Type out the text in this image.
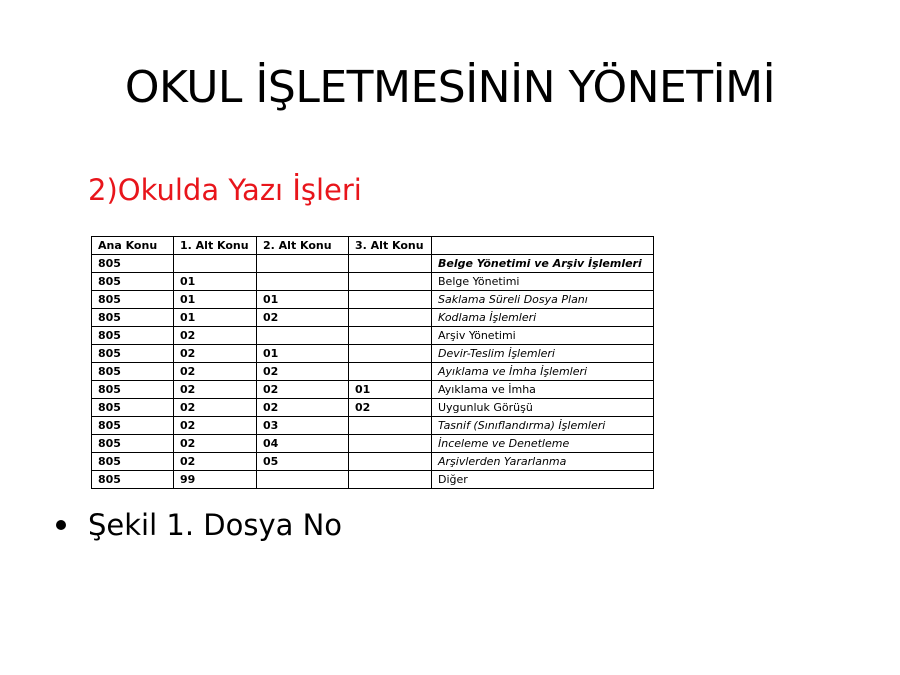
OKUL İŞLETMESİNİN YÖNETİMİ
2)Okulda Yazı İşleri
Şekil 1. Dosya No
Ana Konu	1. Alt Konu	2. Alt Konu	3. Alt Konu	
805				Belge Yönetimi ve Arşiv İşlemleri
805	01			Belge Yönetimi
805	01	01		Saklama Süreli Dosya Planı
805	01	02		Kodlama İşlemleri
805	02			Arşiv Yönetimi
805	02	01		Devir-Teslim İşlemleri
805	02	02		Ayıklama ve İmha İşlemleri
805	02	02	01	Ayıklama ve İmha
805	02	02	02	Uygunluk Görüşü
805	02	03		Tasnif (Sınıflandırma) İşlemleri
805	02	04		İnceleme ve Denetleme
805	02	05		Arşivlerden Yararlanma
805	99			Diğer
